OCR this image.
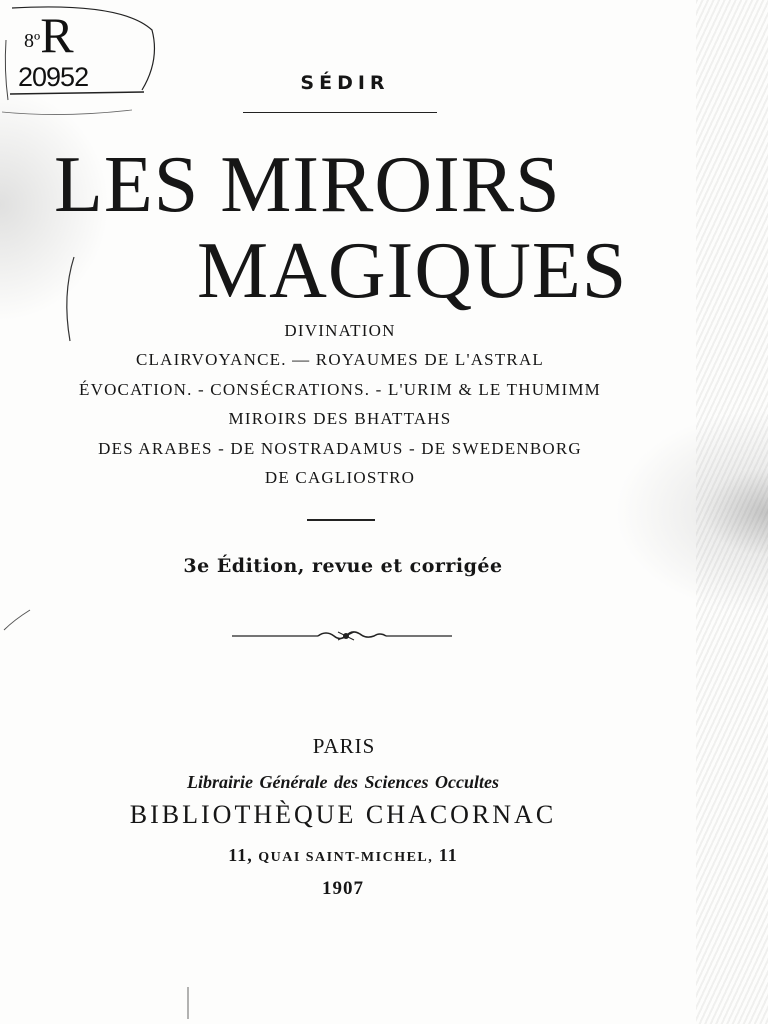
$^{8º}$R
20952	SÉDIR
LES MIROIRS
MAGIQUES
DIVINATION
CLAIRVOYANCE. — ROYAUMES DE L'ASTRAL
ÉVOCATION. - CONSÉCRATIONS. - L'URIM & LE THUMIMM
MIROIRS DES BHATTAHS
DES ARABES - DE NOSTRADAMUS - DE SWEDENBORG
DE CAGLIOSTRO
3e Édition, revue et corrigée
PARIS
Librairie Générale des Sciences Occultes
BIBLIOTHÈQUE CHACORNAC
11, QUAI SAINT-MICHEL, 11
1907
